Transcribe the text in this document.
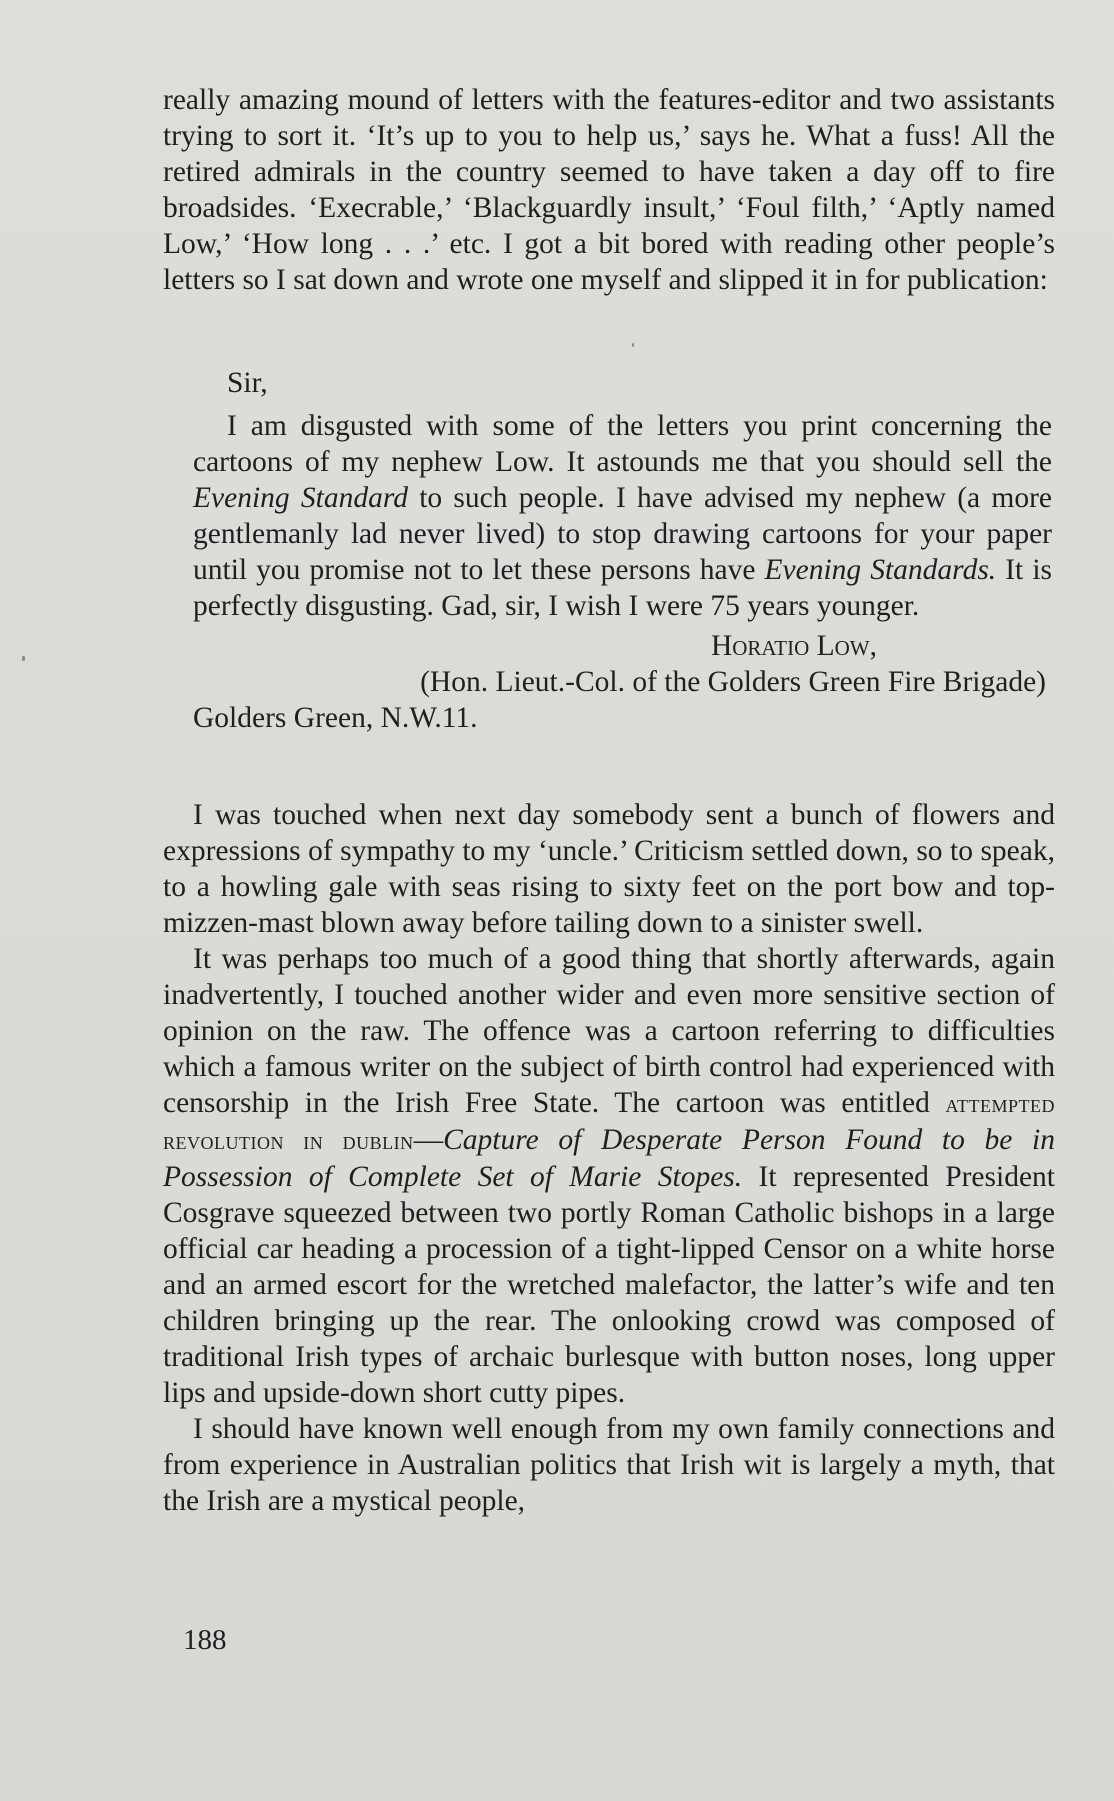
really amazing mound of letters with the features-editor and two assistants trying to sort it. ‘It’s up to you to help us,’ says he. What a fuss! All the retired admirals in the country seemed to have taken a day off to fire broadsides. ‘Execrable,’ ‘Blackguardly insult,’ ‘Foul filth,’ ‘Aptly named Low,’ ‘How long . . .’ etc. I got a bit bored with reading other people’s letters so I sat down and wrote one myself and slipped it in for publication:

Sir,

I am disgusted with some of the letters you print concerning the cartoons of my nephew Low. It astounds me that you should sell the Evening Standard to such people. I have advised my nephew (a more gentlemanly lad never lived) to stop drawing cartoons for your paper until you promise not to let these persons have Evening Standards. It is perfectly disgusting. Gad, sir, I wish I were 75 years younger.

Horatio Low,

(Hon. Lieut.-Col. of the Golders Green Fire Brigade)

Golders Green, N.W.11.

I was touched when next day somebody sent a bunch of flowers and expressions of sympathy to my ‘uncle.’ Criticism settled down, so to speak, to a howling gale with seas rising to sixty feet on the port bow and top-mizzen-mast blown away before tailing down to a sinister swell.

It was perhaps too much of a good thing that shortly afterwards, again inadvertently, I touched another wider and even more sensitive section of opinion on the raw. The offence was a cartoon referring to difficulties which a famous writer on the subject of birth control had experienced with censorship in the Irish Free State. The cartoon was entitled attempted revolution in dublin—Capture of Desperate Person Found to be in Possession of Complete Set of Marie Stopes. It represented President Cosgrave squeezed between two portly Roman Catholic bishops in a large official car heading a procession of a tight-lipped Censor on a white horse and an armed escort for the wretched malefactor, the latter’s wife and ten children bringing up the rear. The onlooking crowd was composed of traditional Irish types of archaic burlesque with button noses, long upper lips and upside-down short cutty pipes.

I should have known well enough from my own family connections and from experience in Australian politics that Irish wit is largely a myth, that the Irish are a mystical people,

188
